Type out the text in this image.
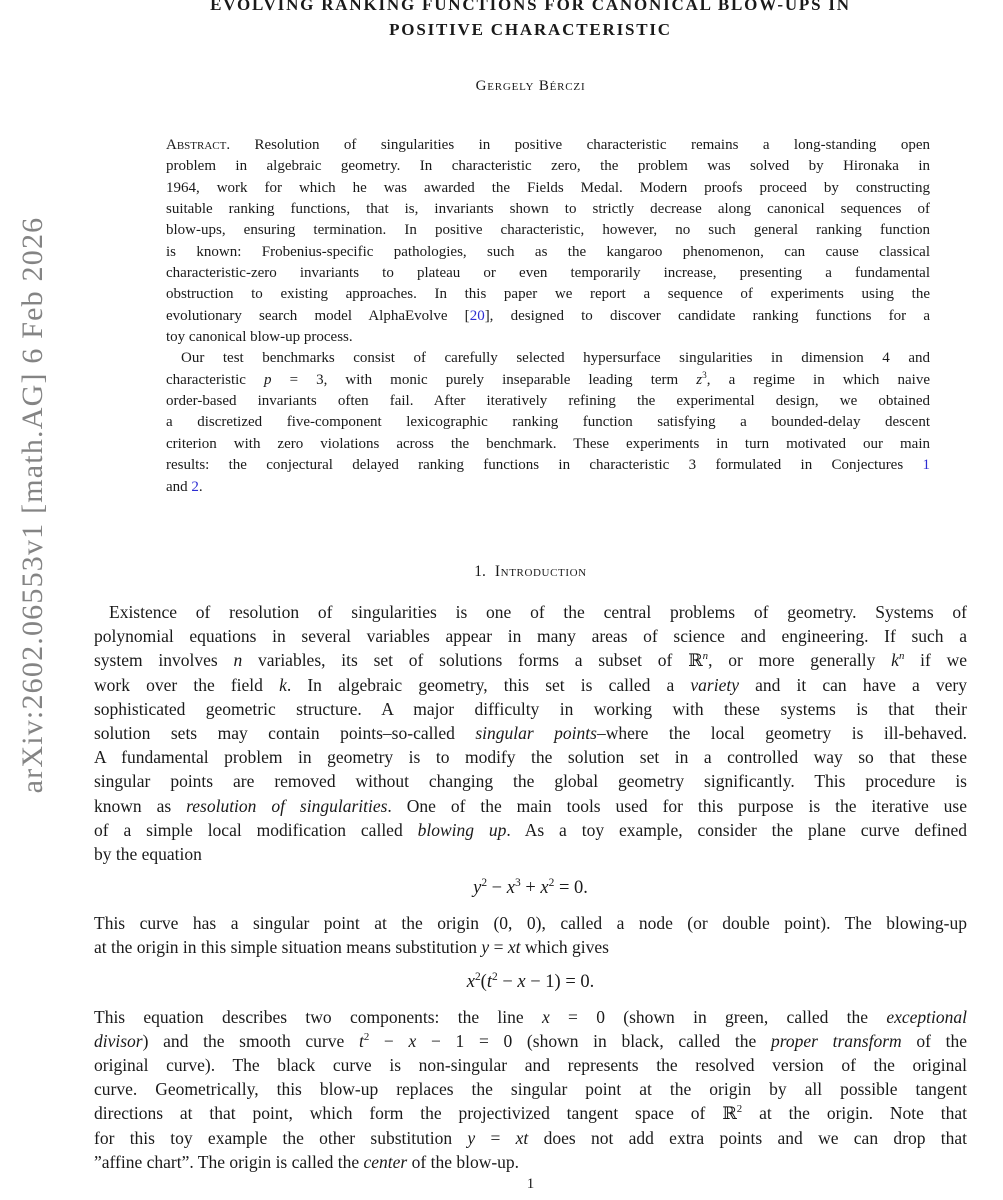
arXiv:2602.06553v1 [math.AG] 6 Feb 2026
EVOLVING RANKING FUNCTIONS FOR CANONICAL BLOW-UPS IN
POSITIVE CHARACTERISTIC
Gergely Bérczi
Abstract. Resolution of singularities in positive characteristic remains a long-standing open
problem in algebraic geometry. In characteristic zero, the problem was solved by Hironaka in
1964, work for which he was awarded the Fields Medal. Modern proofs proceed by constructing
suitable ranking functions, that is, invariants shown to strictly decrease along canonical sequences of
blow-ups, ensuring termination. In positive characteristic, however, no such general ranking function
is known: Frobenius-specific pathologies, such as the kangaroo phenomenon, can cause classical
characteristic-zero invariants to plateau or even temporarily increase, presenting a fundamental
obstruction to existing approaches. In this paper we report a sequence of experiments using the
evolutionary search model AlphaEvolve [20], designed to discover candidate ranking functions for a
toy canonical blow-up process.
Our test benchmarks consist of carefully selected hypersurface singularities in dimension 4 and
characteristic p = 3, with monic purely inseparable leading term $z^3$, a regime in which naive
order-based invariants often fail. After iteratively refining the experimental design, we obtained
a discretized five-component lexicographic ranking function satisfying a bounded-delay descent
criterion with zero violations across the benchmark. These experiments in turn motivated our main
results: the conjectural delayed ranking functions in characteristic 3 formulated in Conjectures 1
and 2.
1. Introduction
Existence of resolution of singularities is one of the central problems of geometry. Systems of
polynomial equations in several variables appear in many areas of science and engineering. If such a
system involves n variables, its set of solutions forms a subset of ℝ$^n$, or more generally $k^n$ if we
work over the field k. In algebraic geometry, this set is called a variety and it can have a very
sophisticated geometric structure. A major difficulty in working with these systems is that their
solution sets may contain points–so-called singular points–where the local geometry is ill-behaved.
A fundamental problem in geometry is to modify the solution set in a controlled way so that these
singular points are removed without changing the global geometry significantly. This procedure is
known as resolution of singularities. One of the main tools used for this purpose is the iterative use
of a simple local modification called blowing up. As a toy example, consider the plane curve defined
by the equation
$y^2 - x^3 + x^2 = 0$.
This curve has a singular point at the origin (0, 0), called a node (or double point). The blowing-up
at the origin in this simple situation means substitution y = xt which gives
$x^2(t^2 - x - 1) = 0$.
This equation describes two components: the line x = 0 (shown in green, called the exceptional
divisor) and the smooth curve $t^2 - x - 1 = 0$ (shown in black, called the proper transform of the
original curve). The black curve is non-singular and represents the resolved version of the original
curve. Geometrically, this blow-up replaces the singular point at the origin by all possible tangent
directions at that point, which form the projectivized tangent space of ℝ$^2$ at the origin. Note that
for this toy example the other substitution y = xt does not add extra points and we can drop that
”affine chart”. The origin is called the center of the blow-up.
1
